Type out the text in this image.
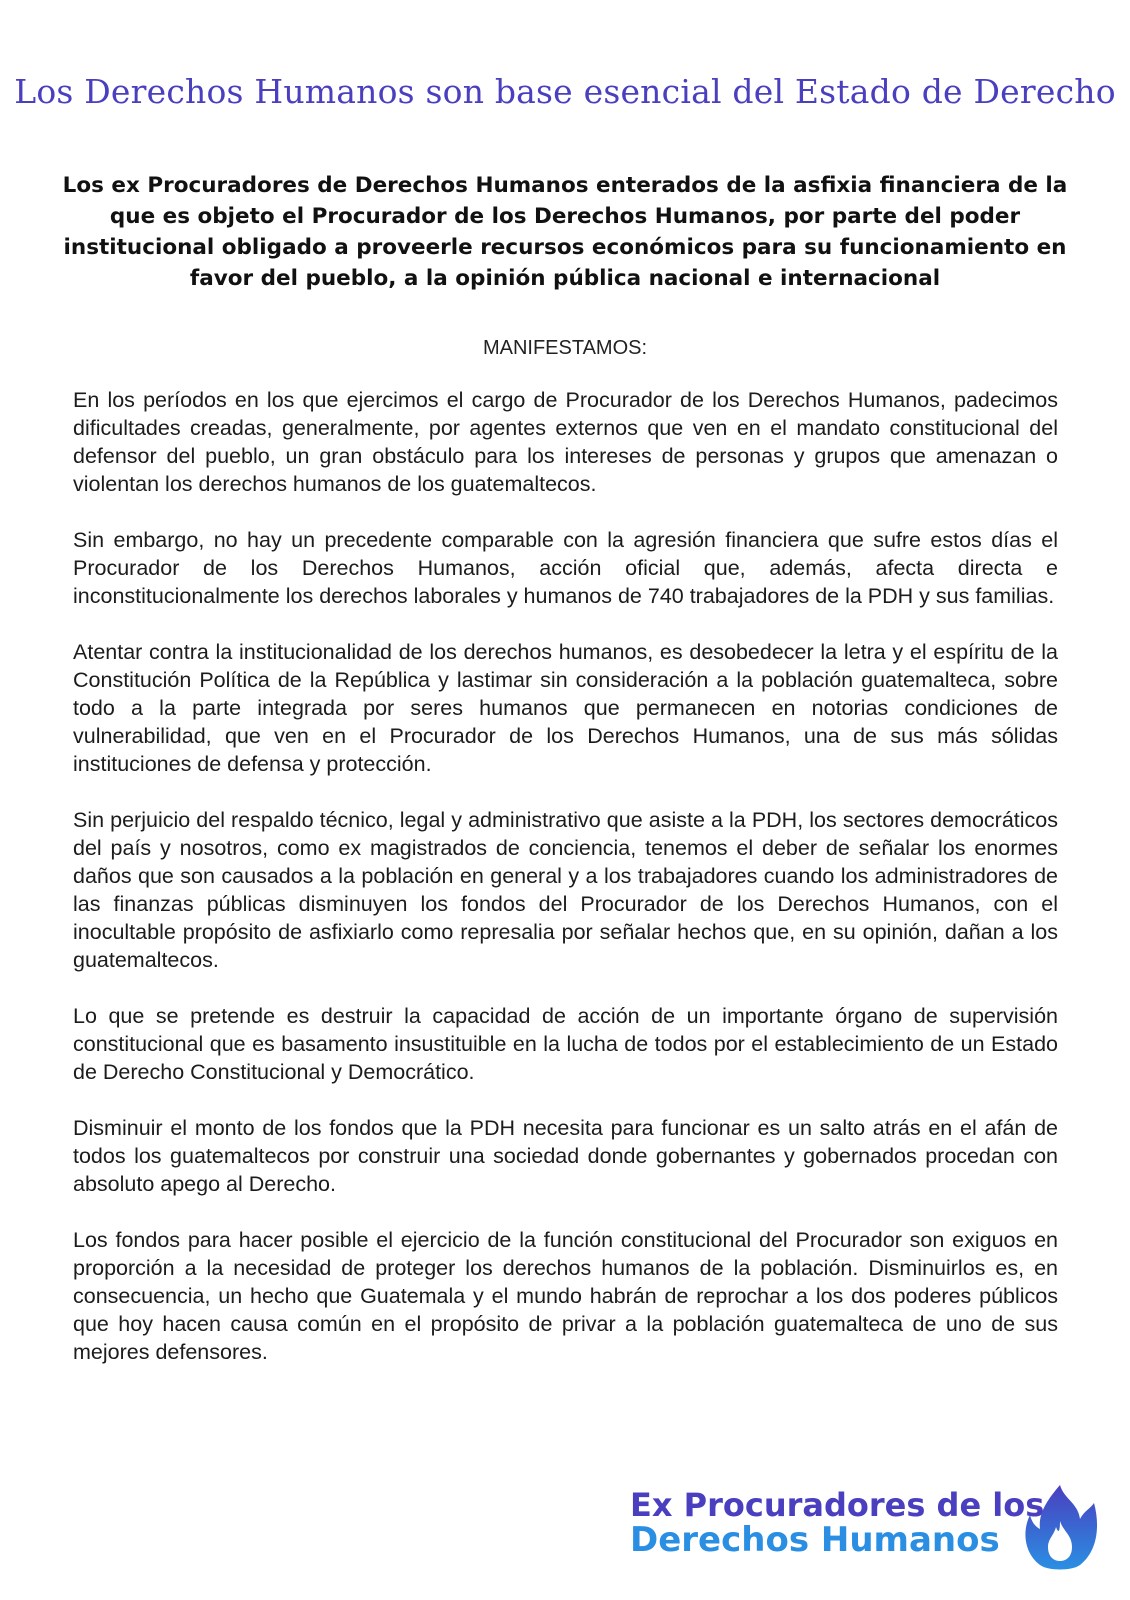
Los Derechos Humanos son base esencial del Estado de Derecho

Los ex Procuradores de Derechos Humanos enterados de la asfixia financiera de la que es objeto el Procurador de los Derechos Humanos, por parte del poder institucional obligado a proveerle recursos económicos para su funcionamiento en favor del pueblo, a la opinión pública nacional e internacional

MANIFESTAMOS:

En los períodos en los que ejercimos el cargo de Procurador de los Derechos Humanos, padecimos dificultades creadas, generalmente, por agentes externos que ven en el mandato constitucional del defensor del pueblo, un gran obstáculo para los intereses de personas y grupos que amenazan o violentan los derechos humanos de los guatemaltecos.

Sin embargo, no hay un precedente comparable con la agresión financiera que sufre estos días el Procurador de los Derechos Humanos, acción oficial que, además, afecta directa e inconstitucionalmente los derechos laborales y humanos de 740 trabajadores de la PDH y sus familias.

Atentar contra la institucionalidad de los derechos humanos, es desobedecer la letra y el espíritu de la Constitución Política de la República y lastimar sin consideración a la población guatemalteca, sobre todo a la parte integrada por seres humanos que permanecen en notorias condiciones de vulnerabilidad, que ven en el Procurador de los Derechos Humanos, una de sus más sólidas instituciones de defensa y protección.

Sin perjuicio del respaldo técnico, legal y administrativo que asiste a la PDH, los sectores democráticos del país y nosotros, como ex magistrados de conciencia, tenemos el deber de señalar los enormes daños que son causados a la población en general y a los trabajadores cuando los administradores de las finanzas públicas disminuyen los fondos del Procurador de los Derechos Humanos, con el inocultable propósito de asfixiarlo como represalia por señalar hechos que, en su opinión, dañan a los guatemaltecos.

Lo que se pretende es destruir la capacidad de acción de un importante órgano de supervisión constitucional que es basamento insustituible en la lucha de todos por el establecimiento de un Estado de Derecho Constitucional y Democrático.

Disminuir el monto de los fondos que la PDH necesita para funcionar es un salto atrás en el afán de todos los guatemaltecos por construir una sociedad donde gobernantes y gobernados procedan con absoluto apego al Derecho.

Los fondos para hacer posible el ejercicio de la función constitucional del Procurador son exiguos en proporción a la necesidad de proteger los derechos humanos de la población. Disminuirlos es, en consecuencia, un hecho que Guatemala y el mundo habrán de reprochar a los dos poderes públicos que hoy hacen causa común en el propósito de privar a la población guatemalteca de uno de sus mejores defensores.

Ex Procuradores de los
Derechos Humanos
